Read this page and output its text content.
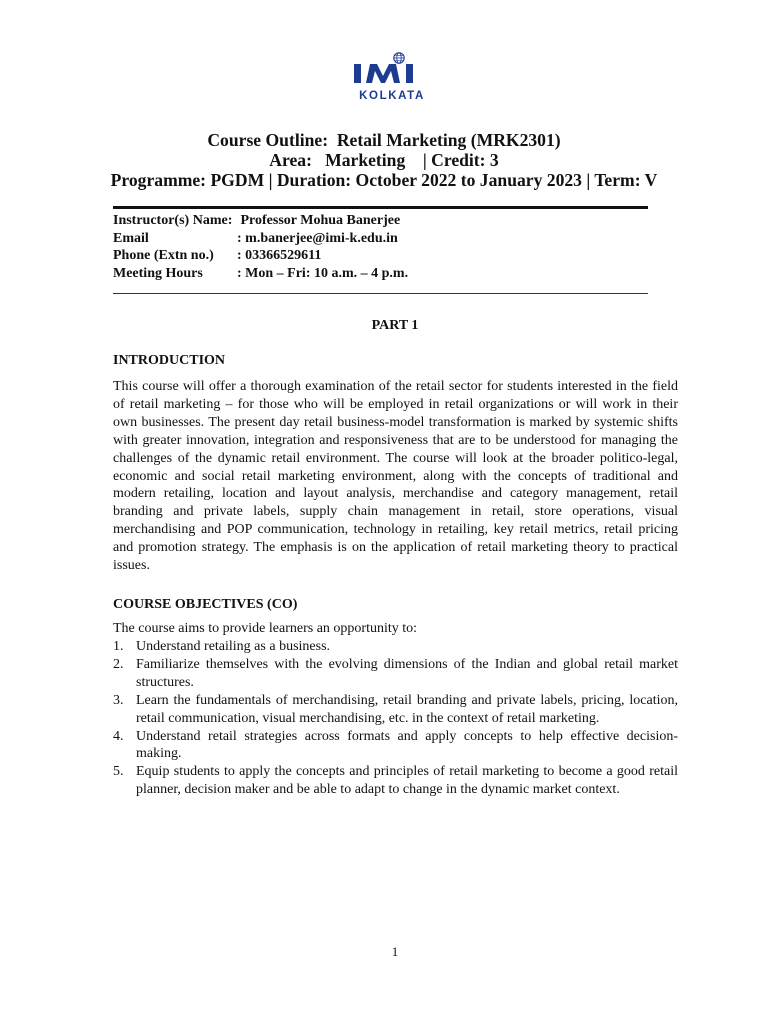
KOLKATA
Course Outline:  Retail Marketing (MRK2301)
Area:   Marketing    | Credit: 3
Programme: PGDM | Duration: October 2022 to January 2023 | Term: V
Instructor(s) Name: Professor Mohua Banerjee
Email	: m.banerjee@imi-k.edu.in
Phone (Extn no.) : 03366529611
Meeting Hours : Mon – Fri: 10 a.m. – 4 p.m.
PART 1
INTRODUCTION
This course will offer a thorough examination of the retail sector for students interested in the field of retail marketing – for those who will be employed in retail organizations or will work in their own businesses. The present day retail business-model transformation is marked by systemic shifts with greater innovation, integration and responsiveness that are to be understood for managing the challenges of the dynamic retail environment. The course will look at the broader politico-legal, economic and social retail marketing environment, along with the concepts of traditional and modern retailing, location and layout analysis, merchandise and category management, retail branding and private labels, supply chain management in retail, store operations, visual merchandising and POP communication, technology in retailing, key retail metrics, retail pricing and promotion strategy. The emphasis is on the application of retail marketing theory to practical issues.
COURSE OBJECTIVES (CO)
The course aims to provide learners an opportunity to:
1. Understand retailing as a business.
2. Familiarize themselves with the evolving dimensions of the Indian and global retail market structures.
3. Learn the fundamentals of merchandising, retail branding and private labels, pricing, location, retail communication, visual merchandising, etc. in the context of retail marketing.
4. Understand retail strategies across formats and apply concepts to help effective decision-making.
5. Equip students to apply the concepts and principles of retail marketing to become a good retail planner, decision maker and be able to adapt to change in the dynamic market context.
1
